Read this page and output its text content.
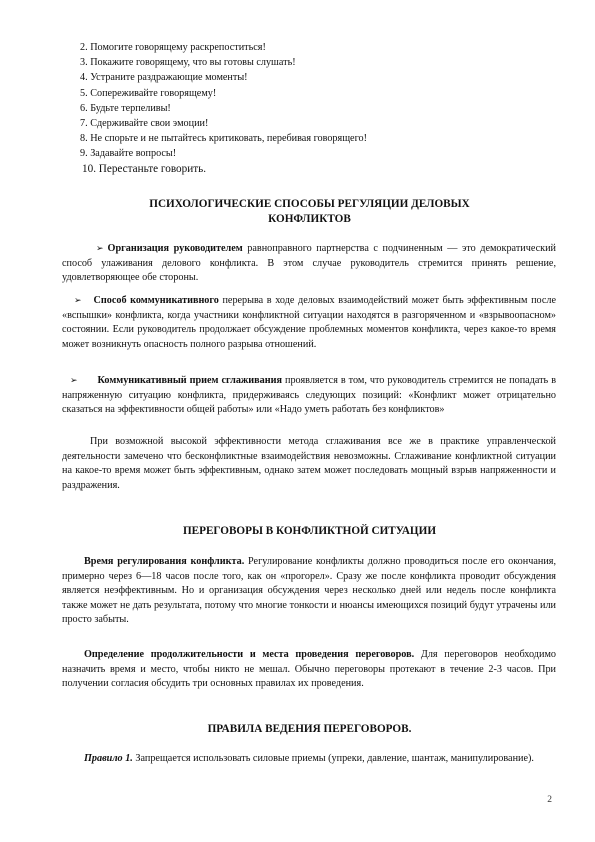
2. Помогите говорящему раскрепоститься!
3. Покажите говорящему, что вы готовы слушать!
4. Устраните раздражающие моменты!
5. Сопереживайте говорящему!
6. Будьте терпеливы!
7. Сдерживайте свои эмоции!
8. Не спорьте и не пытайтесь критиковать, перебивая говорящего!
9. Задавайте вопросы!
10. Перестаньте говорить.
ПСИХОЛОГИЧЕСКИЕ СПОСОБЫ РЕГУЛЯЦИИ ДЕЛОВЫХ КОНФЛИКТОВ

➢ Организация руководителем равноправного партнерства с подчиненным — это демократический способ улаживания делового конфликта. В этом случае руководитель стремится принять решение, удовлетворяющее обе стороны.

➢ Способ коммуникативного перерыва в ходе деловых взаимодействий может быть эффективным после «вспышки» конфликта, когда участники конфликтной ситуации находятся в разгоряченном и «взрывоопасном» состоянии. Если руководитель продолжает обсуждение проблемных моментов конфликта, через какое-то время может возникнуть опасность полного разрыва отношений.

➢ Коммуникативный прием сглаживания проявляется в том, что руководитель стремится не попадать в напряженную ситуацию конфликта, придерживаясь следующих позиций: «Конфликт может отрицательно сказаться на эффективности общей работы» или «Надо уметь работать без конфликтов»

При возможной высокой эффективности метода сглаживания все же в практике управленческой деятельности замечено что бесконфликтные взаимодействия невозможны. Сглаживание конфликтной ситуации на какое-то время может быть эффективным, однако затем может последовать мощный взрыв напряженности и раздражения.

ПЕРЕГОВОРЫ В КОНФЛИКТНОЙ СИТУАЦИИ

Время регулирования конфликта. Регулирование конфликты должно проводиться после его окончания, примерно через 6—18 часов после того, как он «прогорел». Сразу же после конфликта проводит обсуждения является неэффективным. Но и организация обсуждения через несколько дней или недель после конфликта также может не дать результата, потому что многие тонкости и нюансы имеющихся позиций будут утрачены или просто забыты.

Определение продолжительности и места проведения переговоров. Для переговоров необходимо назначить время и место, чтобы никто не мешал. Обычно переговоры протекают в течение 2-3 часов. При получении согласия обсудить три основных правилах их проведения.

ПРАВИЛА ВЕДЕНИЯ ПЕРЕГОВОРОВ.

Правило 1. Запрещается использовать силовые приемы (упреки, давление, шантаж, манипулирование).

2
